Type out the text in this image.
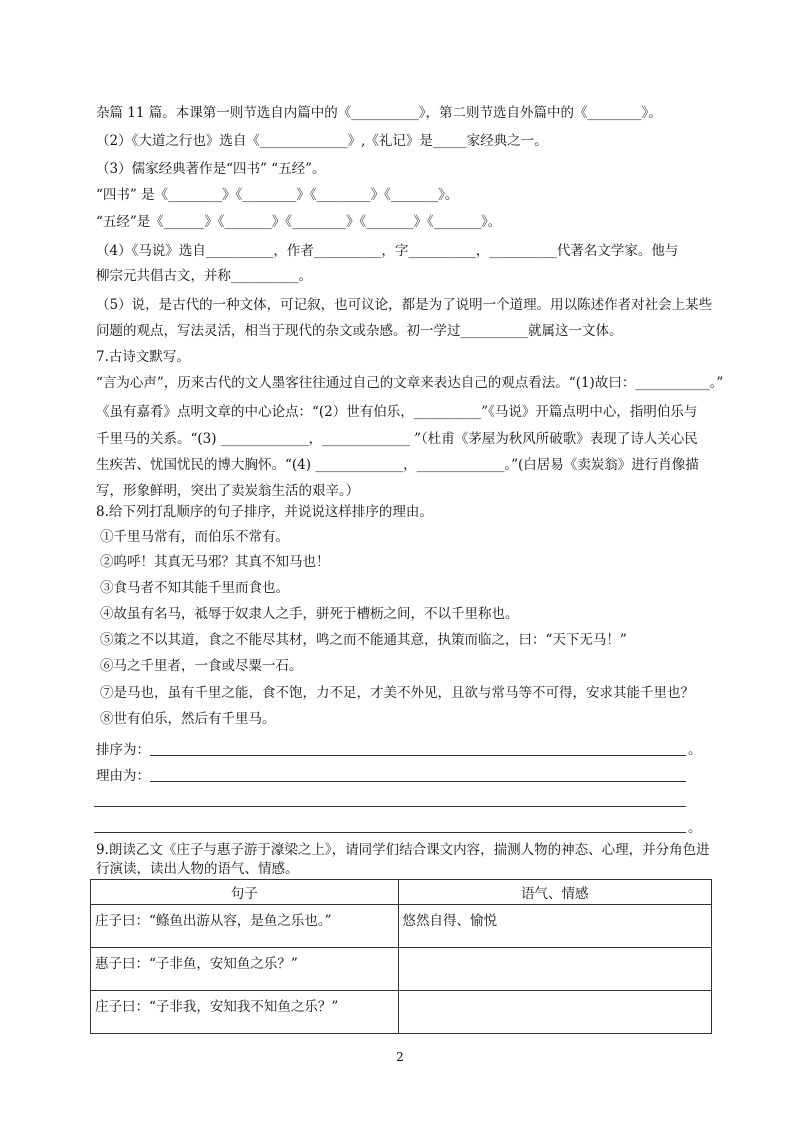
杂篇 11 篇。本课第一则节选自内篇中的《__________》，第二则节选自外篇中的《________》。
（2）《大道之行也》选自《_____________》,《礼记》是_____家经典之一。
（3）儒家经典著作是“四书” “五经”。
“四书” 是《________》《________》《________》《_______》。
“五经”是《______》《_______》《________》《_______》《_______》。
（4）《马说》选自__________，作者__________，字__________，__________代著名文学家。他与
柳宗元共倡古文，并称__________。
（5）说，是古代的一种文体，可记叙，也可议论，都是为了说明一个道理。用以陈述作者对社会上某些
问题的观点，写法灵活，相当于现代的杂文或杂感。初一学过__________就属这一文体。
7.古诗文默写。
“言为心声”，历来古代的文人墨客往往通过自己的文章来表达自己的观点看法。“(1)故曰：___________。”
《虽有嘉肴》点明文章的中心论点：“(2）世有伯乐，__________”《马说》开篇点明中心，指明伯乐与
千里马的关系。“(3) _____________，_____________ ”（杜甫《茅屋为秋风所破歌》表现了诗人关心民
生疾苦、忧国忧民的博大胸怀。“(4) _____________，_____________。”(白居易《卖炭翁》进行肖像描
写，形象鲜明，突出了卖炭翁生活的艰辛。）
8.给下列打乱顺序的句子排序，并说说这样排序的理由。
①千里马常有，而伯乐不常有。
②呜呼！其真无马邪？其真不知马也！
③食马者不知其能千里而食也。
④故虽有名马，祗辱于奴隶人之手，骈死于槽枥之间，不以千里称也。
⑤策之不以其道，食之不能尽其材，鸣之而不能通其意，执策而临之，曰：“天下无马！”
⑥马之千里者，一食或尽粟一石。
⑦是马也，虽有千里之能，食不饱，力不足，才美不外见，且欲与常马等不可得，安求其能千里也？
⑧世有伯乐，然后有千里马。
排序为：	。
理由为：
。
9.朗读乙文《庄子与惠子游于濠梁之上》，请同学们结合课文内容，揣测人物的神态、心理，并分角色进
行演读，读出人物的语气、情感。
句子	语气、情感
庄子曰：“鲦鱼出游从容，是鱼之乐也。”	悠然自得、愉悦
惠子曰：“子非鱼，安知鱼之乐？”	
庄子曰：“子非我，安知我不知鱼之乐？”	
2
